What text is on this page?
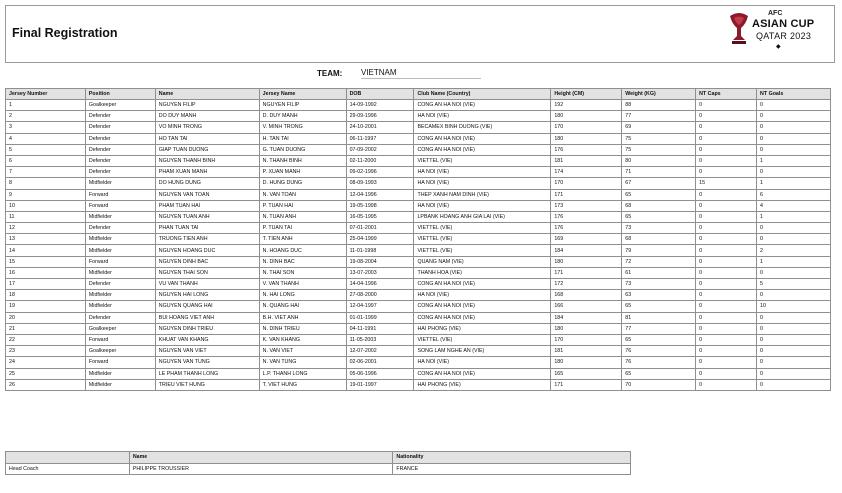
Final Registration
AFC
ASIAN CUP
QATAR 2023
◆
TEAM: VIETNAM
Jersey Number	Position	Name	Jersey Name	DOB	Club Name (Country)	Height (CM)	Weight (KG)	NT Caps	NT Goals
1	Goalkeeper	NGUYEN FILIP	NGUYEN FILIP	14-09-1992	CONG AN HA NOI (VIE)	192	88	0	0
2	Defender	DO DUY MANH	D. DUY MANH	29-09-1996	HA NOI (VIE)	180	77	0	0
3	Defender	VO MINH TRONG	V. MINH TRONG	24-10-2001	BECAMEX BINH DUONG (VIE)	170	69	0	0
4	Defender	HO TAN TAI	H. TAN TAI	06-11-1997	CONG AN HA NOI (VIE)	180	75	0	0
5	Defender	GIAP TUAN DUONG	G. TUAN DUONG	07-09-2002	CONG AN HA NOI (VIE)	176	75	0	0
6	Defender	NGUYEN THANH BINH	N. THANH BINH	02-11-2000	VIETTEL (VIE)	181	80	0	1
7	Defender	PHAM XUAN MANH	P. XUAN MANH	09-02-1996	HA NOI (VIE)	174	71	0	0
8	Midfielder	DO HUNG DUNG	D. HUNG DUNG	08-09-1993	HA NOI (VIE)	170	67	15	1
9	Forward	NGUYEN VAN TOAN	N. VAN TOAN	12-04-1996	THEP XANH NAM DINH (VIE)	171	65	0	6
10	Forward	PHAM TUAN HAI	P. TUAN HAI	19-05-1998	HA NOI (VIE)	173	68	0	4
11	Midfielder	NGUYEN TUAN ANH	N. TUAN ANH	16-05-1995	LPBANK HOANG ANH GIA LAI (VIE)	176	65	0	1
12	Defender	PHAN TUAN TAI	P. TUAN TAI	07-01-2001	VIETTEL (VIE)	176	73	0	0
13	Midfielder	TRUONG TIEN ANH	T. TIEN ANH	25-04-1999	VIETTEL (VIE)	169	68	0	0
14	Midfielder	NGUYEN HOANG DUC	N. HOANG DUC	11-01-1998	VIETTEL (VIE)	184	79	0	2
15	Forward	NGUYEN DINH BAC	N. DINH BAC	19-08-2004	QUANG NAM (VIE)	180	72	0	1
16	Midfielder	NGUYEN THAI SON	N. THAI SON	13-07-2003	THANH HOA (VIE)	171	61	0	0
17	Defender	VU VAN THANH	V. VAN THANH	14-04-1996	CONG AN HA NOI (VIE)	172	73	0	5
18	Midfielder	NGUYEN HAI LONG	N. HAI LONG	27-08-2000	HA NOI (VIE)	168	63	0	0
19	Midfielder	NGUYEN QUANG HAI	N. QUANG HAI	12-04-1997	CONG AN HA NOI (VIE)	166	65	0	10
20	Defender	BUI HOANG VIET ANH	B.H. VIET ANH	01-01-1999	CONG AN HA NOI (VIE)	184	81	0	0
21	Goalkeeper	NGUYEN DINH TRIEU	N. DINH TRIEU	04-11-1991	HAI PHONG (VIE)	180	77	0	0
22	Forward	KHUAT VAN KHANG	K. VAN KHANG	11-05-2003	VIETTEL (VIE)	170	65	0	0
23	Goalkeeper	NGUYEN VAN VIET	N. VAN VIET	12-07-2002	SONG LAM NGHE AN (VIE)	181	76	0	0
24	Forward	NGUYEN VAN TUNG	N. VAN TUNG	02-06-2001	HA NOI (VIE)	180	76	0	0
25	Midfielder	LE PHAM THANH LONG	L.P. THANH LONG	05-06-1996	CONG AN HA NOI (VIE)	165	65	0	0
26	Midfielder	TRIEU VIET HUNG	T. VIET HUNG	19-01-1997	HAI PHONG (VIE)	171	70	0	0
	Name	Nationality
Head Coach	PHILIPPE TROUSSIER	FRANCE
